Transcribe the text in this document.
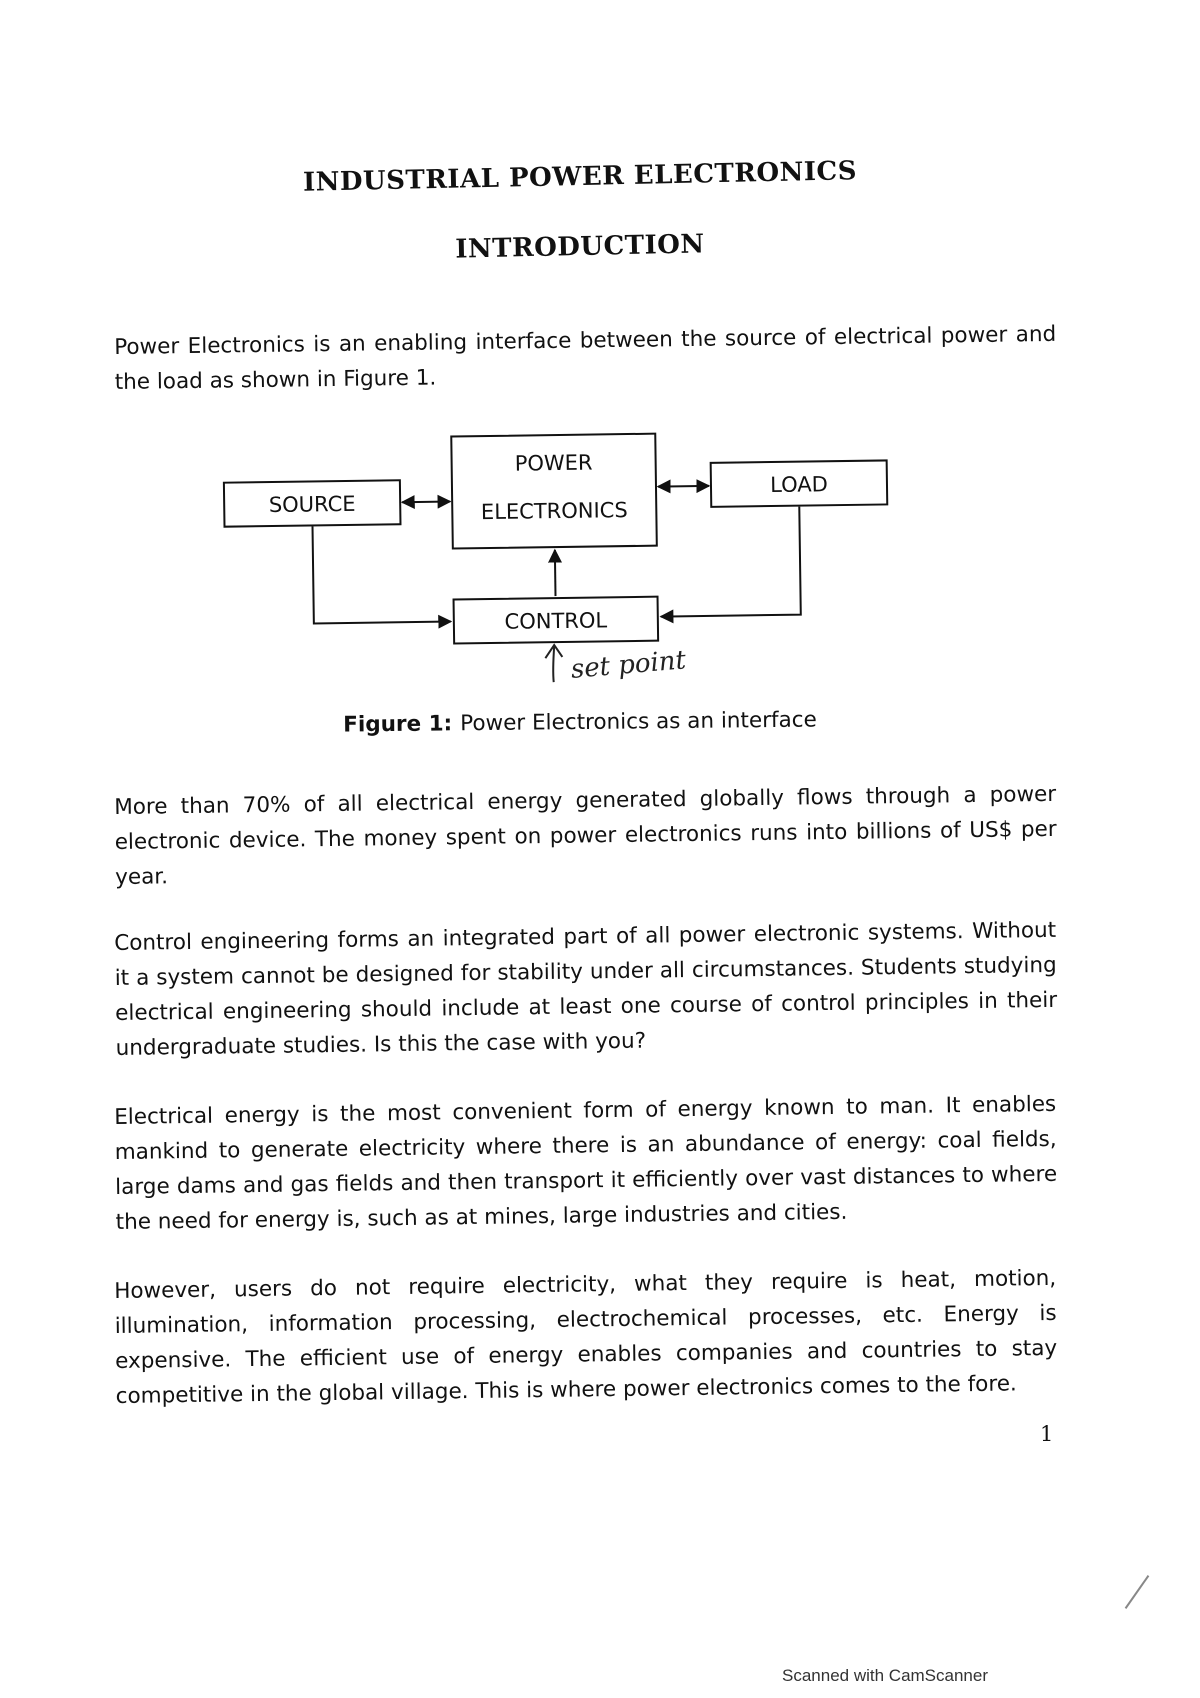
INDUSTRIAL POWER ELECTRONICS
INTRODUCTION

Power Electronics is an enabling interface between the source of electrical power and the load as shown in Figure 1.

SOURCE
POWER
ELECTRONICS
LOAD
CONTROL
set point
Figure 1: Power Electronics as an interface

More than 70% of all electrical energy generated globally flows through a power electronic device. The money spent on power electronics runs into billions of US$ per year.

Control engineering forms an integrated part of all power electronic systems. Without it a system cannot be designed for stability under all circumstances. Students studying electrical engineering should include at least one course of control principles in their undergraduate studies. Is this the case with you?

Electrical energy is the most convenient form of energy known to man. It enables mankind to generate electricity where there is an abundance of energy: coal fields, large dams and gas fields and then transport it efficiently over vast distances to where the need for energy is, such as at mines, large industries and cities.

However, users do not require electricity, what they require is heat, motion, illumination, information processing, electrochemical processes, etc. Energy is expensive. The efficient use of energy enables companies and countries to stay competitive in the global village. This is where power electronics comes to the fore.

1
Scanned with CamScanner
